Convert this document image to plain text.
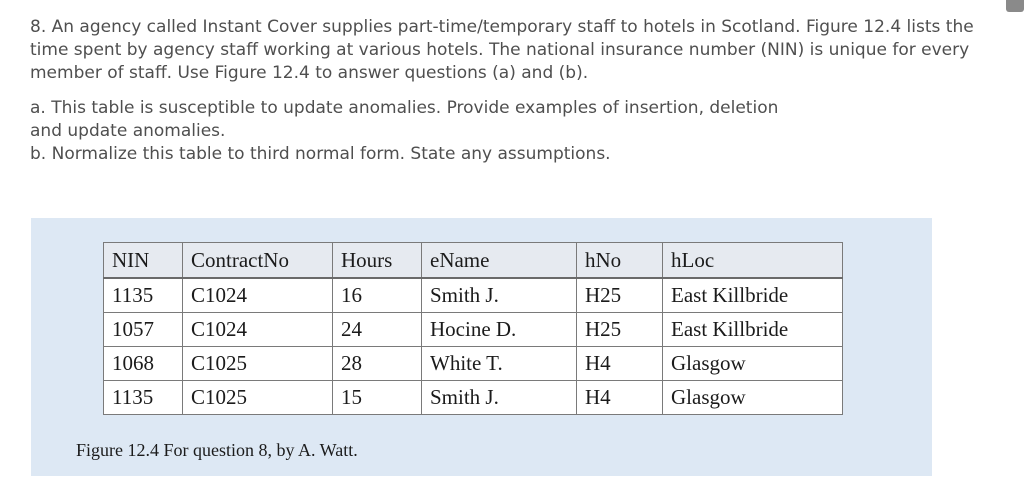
8. An agency called Instant Cover supplies part-time/temporary staff to hotels in Scotland. Figure 12.4 lists the time spent by agency staff working at various hotels. The national insurance number (NIN) is unique for every member of staff. Use Figure 12.4 to answer questions (a) and (b).

a. This table is susceptible to update anomalies. Provide examples of insertion, deletion and update anomalies.

b. Normalize this table to third normal form. State any assumptions.

NIN	ContractNo	Hours	eName	hNo	hLoc
1135	C1024	16	Smith J.	H25	East Killbride
1057	C1024	24	Hocine D.	H25	East Killbride
1068	C1025	28	White T.	H4	Glasgow
1135	C1025	15	Smith J.	H4	Glasgow
Figure 12.4 For question 8, by A. Watt.
